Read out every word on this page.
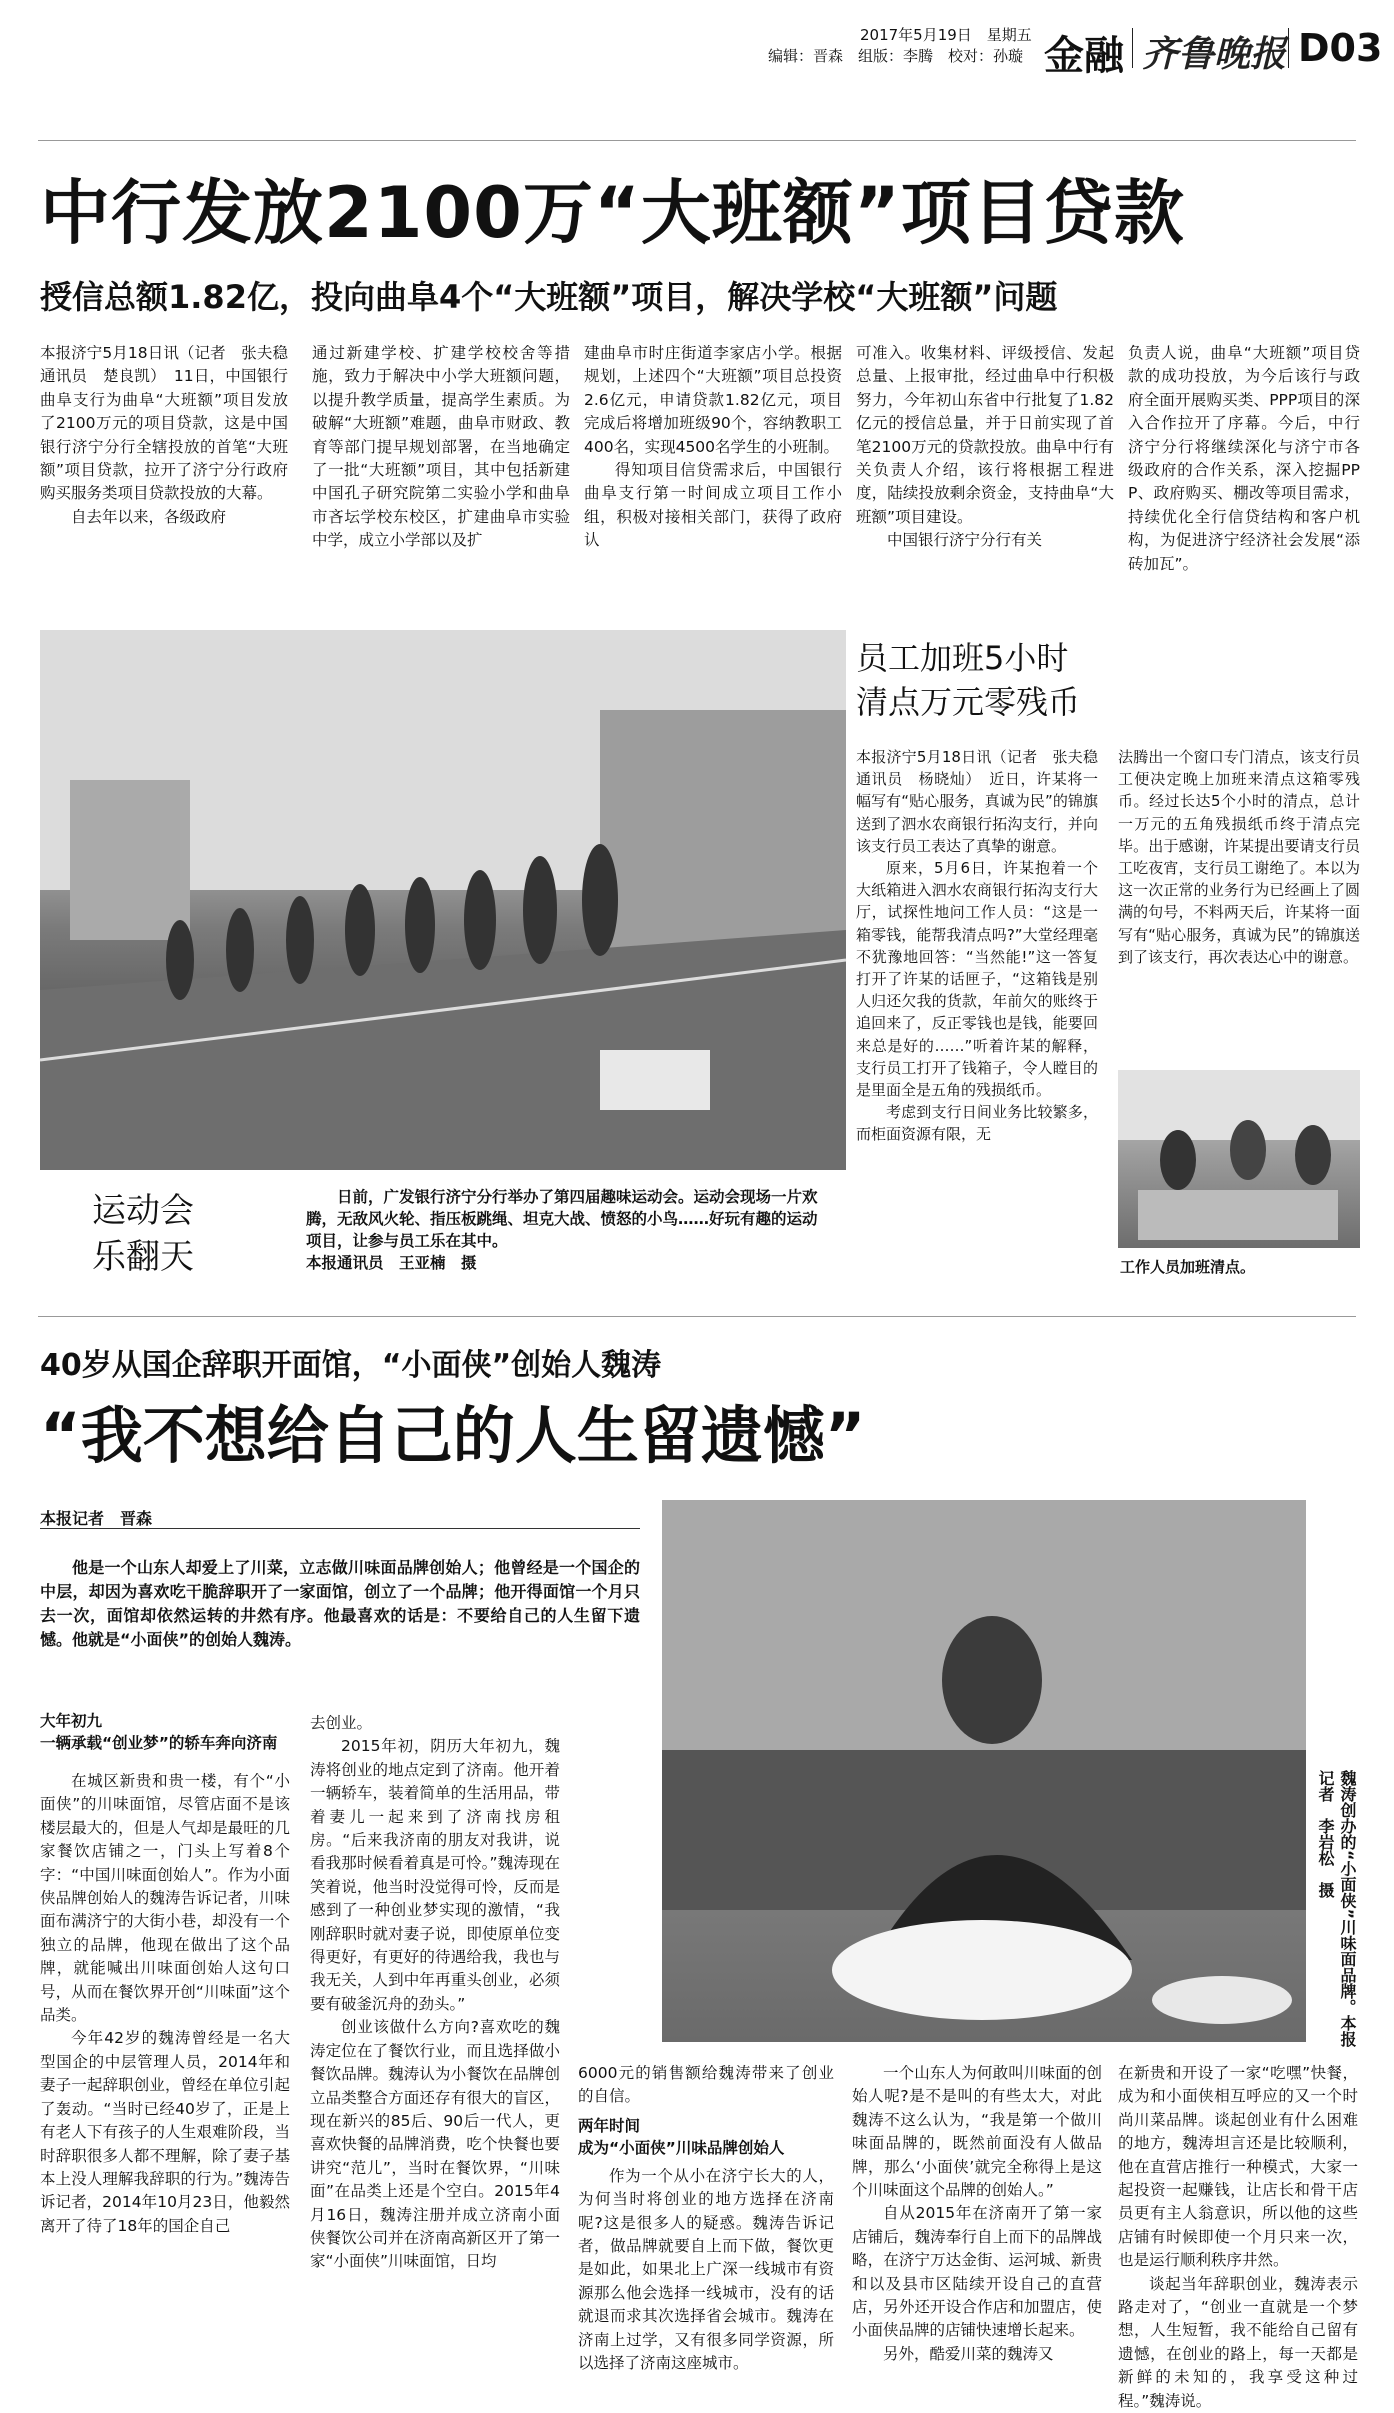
2017年5月19日　星期五
编辑：晋森　组版：李腾　校对：孙璇 金融 齐鲁晚报 D03
中行发放2100万“大班额”项目贷款
授信总额1.82亿，投向曲阜4个“大班额”项目，解决学校“大班额”问题

本报济宁5月18日讯（记者　张夫稳　通讯员　楚良凯）　11日，中国银行曲阜支行为曲阜“大班额”项目发放了2100万元的项目贷款，这是中国银行济宁分行全辖投放的首笔“大班额”项目贷款，拉开了济宁分行政府购买服务类项目贷款投放的大幕。

自去年以来，各级政府

通过新建学校、扩建学校校舍等措施，致力于解决中小学大班额问题，以提升教学质量，提高学生素质。为破解“大班额”难题，曲阜市财政、教育等部门提早规划部署，在当地确定了一批“大班额”项目，其中包括新建中国孔子研究院第二实验小学和曲阜市吝坛学校东校区，扩建曲阜市实验中学，成立小学部以及扩

建曲阜市时庄街道李家店小学。根据规划，上述四个“大班额”项目总投资2.6亿元，申请贷款1.82亿元，项目完成后将增加班级90个，容纳教职工400名，实现4500名学生的小班制。

得知项目信贷需求后，中国银行曲阜支行第一时间成立项目工作小组，积极对接相关部门，获得了政府认

可准入。收集材料、评级授信、发起总量、上报审批，经过曲阜中行积极努力，今年初山东省中行批复了1.82亿元的授信总量，并于日前实现了首笔2100万元的贷款投放。曲阜中行有关负责人介绍，该行将根据工程进度，陆续投放剩余资金，支持曲阜“大班额”项目建设。

中国银行济宁分行有关

负责人说，曲阜“大班额”项目贷款的成功投放，为今后该行与政府全面开展购买类、PPP项目的深入合作拉开了序幕。今后，中行济宁分行将继续深化与济宁市各级政府的合作关系，深入挖掘PPP、政府购买、棚改等项目需求，持续优化全行信贷结构和客户机构，为促进济宁经济社会发展“添砖加瓦”。

运动会
乐翻天
日前，广发银行济宁分行举办了第四届趣味运动会。运动会现场一片欢腾，无敌风火轮、指压板跳绳、坦克大战、愤怒的小鸟……好玩有趣的运动项目，让参与员工乐在其中。
本报通讯员　王亚楠　摄
员工加班5小时
清点万元零残币

本报济宁5月18日讯（记者　张夫稳　通讯员　杨晓灿）　近日，许某将一幅写有“贴心服务，真诚为民”的锦旗送到了泗水农商银行拓沟支行，并向该支行员工表达了真挚的谢意。

原来，5月6日，许某抱着一个大纸箱进入泗水农商银行拓沟支行大厅，试探性地问工作人员：“这是一箱零钱，能帮我清点吗?”大堂经理毫不犹豫地回答：“当然能!”这一答复打开了许某的话匣子，“这箱钱是别人归还欠我的货款，年前欠的账终于追回来了，反正零钱也是钱，能要回来总是好的……”听着许某的解释，支行员工打开了钱箱子，令人瞠目的是里面全是五角的残损纸币。

考虑到支行日间业务比较繁多，而柜面资源有限，无

法腾出一个窗口专门清点，该支行员工便决定晚上加班来清点这箱零残币。经过长达5个小时的清点，总计一万元的五角残损纸币终于清点完毕。出于感谢，许某提出要请支行员工吃夜宵，支行员工谢绝了。本以为这一次正常的业务行为已经画上了圆满的句号，不料两天后，许某将一面写有“贴心服务，真诚为民”的锦旗送到了该支行，再次表达心中的谢意。

工作人员加班清点。
40岁从国企辞职开面馆，“小面侠”创始人魏涛
“我不想给自己的人生留遗憾”
本报记者　晋森

他是一个山东人却爱上了川菜，立志做川味面品牌创始人；他曾经是一个国企的中层，却因为喜欢吃干脆辞职开了一家面馆，创立了一个品牌；他开得面馆一个月只去一次，面馆却依然运转的井然有序。他最喜欢的话是：不要给自己的人生留下遗憾。他就是“小面侠”的创始人魏涛。

魏涛创办的“小面侠”川味面品牌。本报记者　李岩松　摄
大年初九
一辆承载“创业梦”的轿车奔向济南

在城区新贵和贵一楼，有个“小面侠”的川味面馆，尽管店面不是该楼层最大的，但是人气却是最旺的几家餐饮店铺之一，门头上写着8个字：“中国川味面创始人”。作为小面侠品牌创始人的魏涛告诉记者，川味面布满济宁的大街小巷，却没有一个独立的品牌，他现在做出了这个品牌，就能喊出川味面创始人这句口号，从而在餐饮界开创“川味面”这个品类。

今年42岁的魏涛曾经是一名大型国企的中层管理人员，2014年和妻子一起辞职创业，曾经在单位引起了轰动。“当时已经40岁了，正是上有老人下有孩子的人生艰难阶段，当时辞职很多人都不理解，除了妻子基本上没人理解我辞职的行为。”魏涛告诉记者，2014年10月23日，他毅然离开了待了18年的国企自己

去创业。

2015年初，阴历大年初九，魏涛将创业的地点定到了济南。他开着一辆轿车，装着简单的生活用品，带着妻儿一起来到了济南找房租房。“后来我济南的朋友对我讲，说看我那时候看着真是可怜。”魏涛现在笑着说，他当时没觉得可怜，反而是感到了一种创业梦实现的激情，“我刚辞职时就对妻子说，即使原单位变得更好，有更好的待遇给我，我也与我无关，人到中年再重头创业，必须要有破釜沉舟的劲头。”

创业该做什么方向?喜欢吃的魏涛定位在了餐饮行业，而且选择做小餐饮品牌。魏涛认为小餐饮在品牌创立品类整合方面还存有很大的盲区，现在新兴的85后、90后一代人，更喜欢快餐的品牌消费，吃个快餐也要讲究“范儿”，当时在餐饮界，“川味面”在品类上还是个空白。2015年4月16日，魏涛注册并成立济南小面侠餐饮公司并在济南高新区开了第一家“小面侠”川味面馆，日均

6000元的销售额给魏涛带来了创业的自信。

两年时间
成为“小面侠”川味品牌创始人

作为一个从小在济宁长大的人，为何当时将创业的地方选择在济南呢?这是很多人的疑惑。魏涛告诉记者，做品牌就要自上而下做，餐饮更是如此，如果北上广深一线城市有资源那么他会选择一线城市，没有的话就退而求其次选择省会城市。魏涛在济南上过学，又有很多同学资源，所以选择了济南这座城市。

一个山东人为何敢叫川味面的创始人呢?是不是叫的有些太大，对此魏涛不这么认为，“我是第一个做川味面品牌的，既然前面没有人做品牌，那么‘小面侠’就完全称得上是这个川味面这个品牌的创始人。”

自从2015年在济南开了第一家店铺后，魏涛奉行自上而下的品牌战略，在济宁万达金街、运河城、新贵和以及县市区陆续开设自己的直营店，另外还开设合作店和加盟店，使小面侠品牌的店铺快速增长起来。

另外，酷爱川菜的魏涛又

在新贵和开设了一家“吃嘿”快餐，成为和小面侠相互呼应的又一个时尚川菜品牌。谈起创业有什么困难的地方，魏涛坦言还是比较顺利，他在直营店推行一种模式，大家一起投资一起赚钱，让店长和骨干店员更有主人翁意识，所以他的这些店铺有时候即使一个月只来一次，也是运行顺利秩序井然。

谈起当年辞职创业，魏涛表示路走对了，“创业一直就是一个梦想，人生短暂，我不能给自己留有遗憾，在创业的路上，每一天都是新鲜的未知的，我享受这种过程。”魏涛说。
